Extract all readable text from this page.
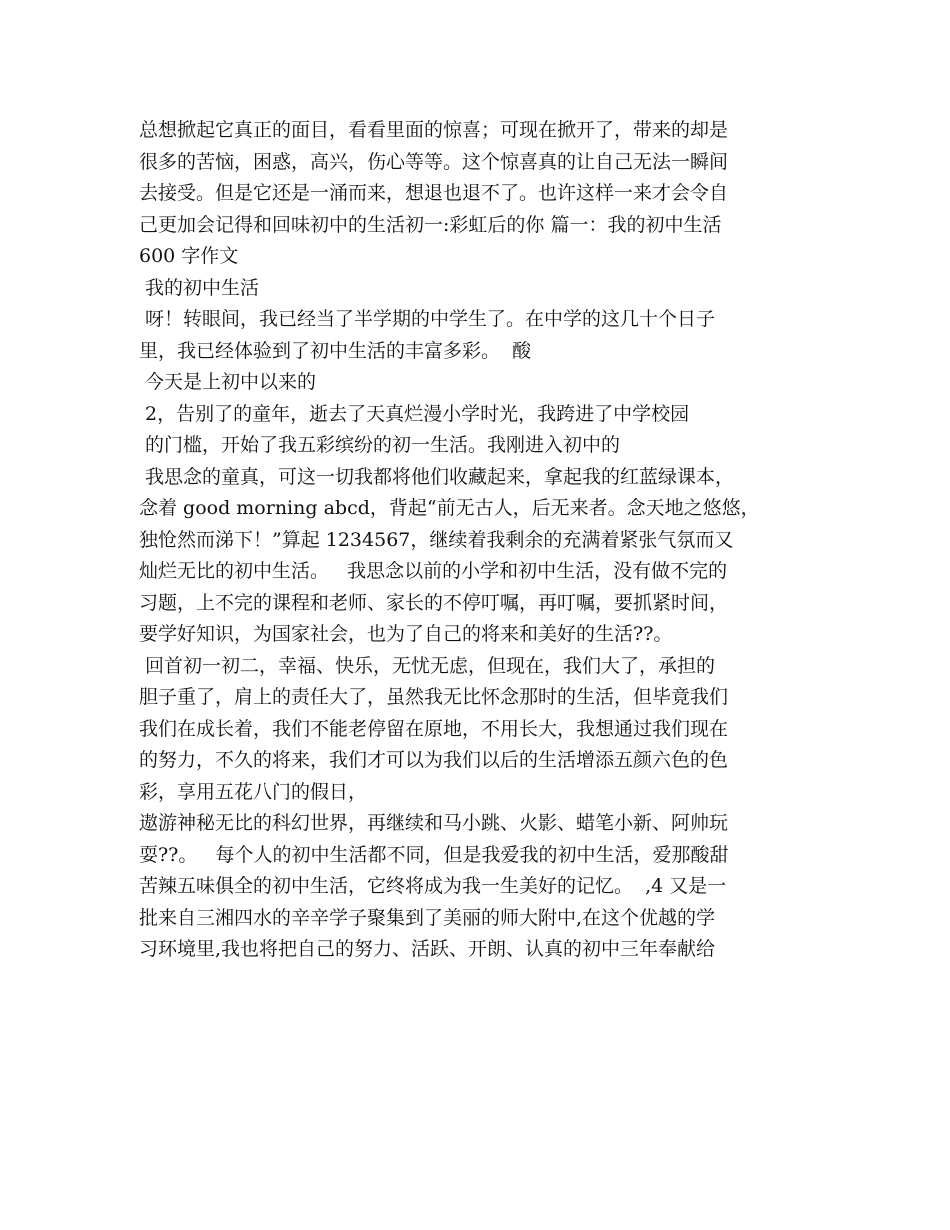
总想掀起它真正的面目，看看里面的惊喜；可现在掀开了，带来的却是
很多的苦恼，困惑，高兴，伤心等等。这个惊喜真的让自己无法一瞬间
去接受。但是它还是一涌而来，想退也退不了。也许这样一来才会令自
己更加会记得和回味初中的生活初一:彩虹后的你 篇一：我的初中生活
600 字作文
我的初中生活
呀！转眼间，我已经当了半学期的中学生了。在中学的这几十个日子
里，我已经体验到了初中生活的丰富多彩。  酸
今天是上初中以来的
2，告别了的童年，逝去了天真烂漫小学时光，我跨进了中学校园
的门槛，开始了我五彩缤纷的初一生活。我刚进入初中的
我思念的童真，可这一切我都将他们收藏起来，拿起我的红蓝绿课本，
念着 good morning abcd，背起“前无古人，后无来者。念天地之悠悠，
独怆然而涕下！”算起 1234567，继续着我剩余的充满着紧张气氛而又
灿烂无比的初中生活。   我思念以前的小学和初中生活，没有做不完的
习题，上不完的课程和老师、家长的不停叮嘱，再叮嘱，要抓紧时间，
要学好知识，为国家社会，也为了自己的将来和美好的生活??。
回首初一初二，幸福、快乐，无忧无虑，但现在，我们大了，承担的
胆子重了，肩上的责任大了，虽然我无比怀念那时的生活，但毕竟我们
我们在成长着，我们不能老停留在原地，不用长大，我想通过我们现在
的努力，不久的将来，我们才可以为我们以后的生活增添五颜六色的色
彩，享用五花八门的假日，
遨游神秘无比的科幻世界，再继续和马小跳、火影、蜡笔小新、阿帅玩
耍??。   每个人的初中生活都不同，但是我爱我的初中生活，爱那酸甜
苦辣五味俱全的初中生活，它终将成为我一生美好的记忆。  ,4 又是一
批来自三湘四水的辛辛学子聚集到了美丽的师大附中,在这个优越的学
习环境里,我也将把自己的努力、活跃、开朗、认真的初中三年奉献给
